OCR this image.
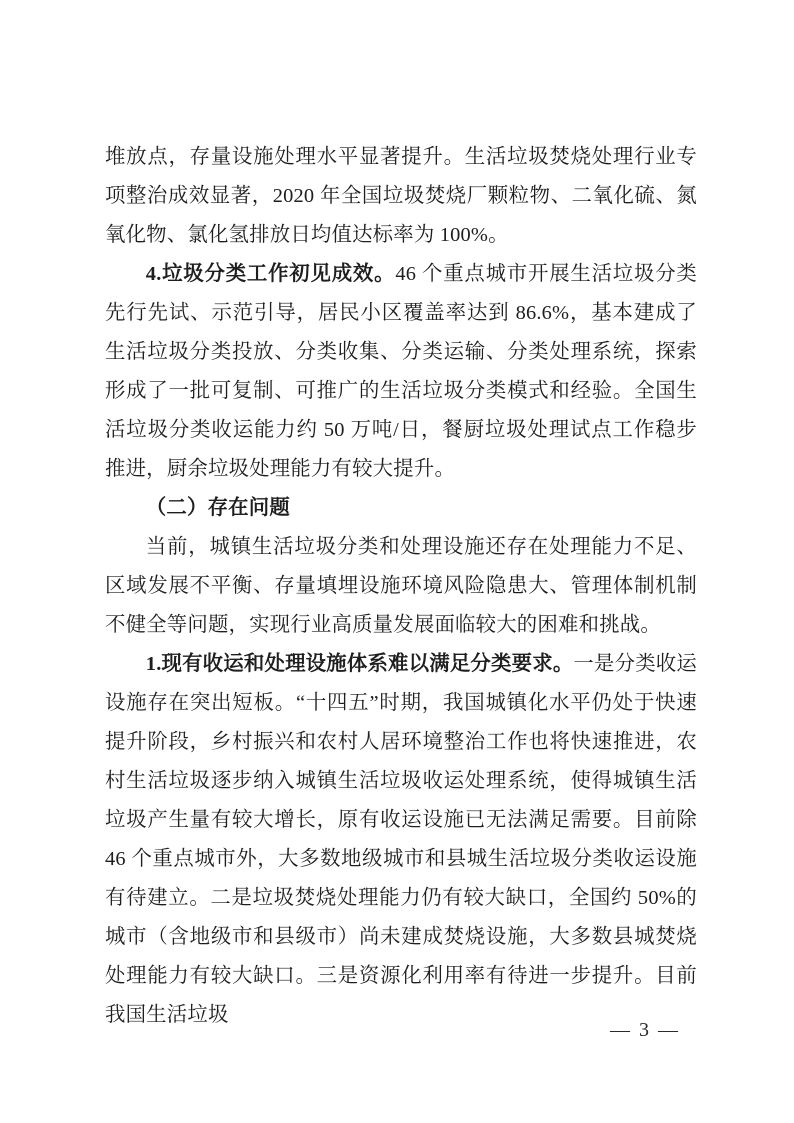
堆放点，存量设施处理水平显著提升。生活垃圾焚烧处理行业专项整治成效显著，2020 年全国垃圾焚烧厂颗粒物、二氧化硫、氮氧化物、氯化氢排放日均值达标率为 100%。

4.垃圾分类工作初见成效。46 个重点城市开展生活垃圾分类先行先试、示范引导，居民小区覆盖率达到 86.6%，基本建成了生活垃圾分类投放、分类收集、分类运输、分类处理系统，探索形成了一批可复制、可推广的生活垃圾分类模式和经验。全国生活垃圾分类收运能力约 50 万吨/日，餐厨垃圾处理试点工作稳步推进，厨余垃圾处理能力有较大提升。

（二）存在问题

当前，城镇生活垃圾分类和处理设施还存在处理能力不足、区域发展不平衡、存量填埋设施环境风险隐患大、管理体制机制不健全等问题，实现行业高质量发展面临较大的困难和挑战。

1.现有收运和处理设施体系难以满足分类要求。一是分类收运设施存在突出短板。“十四五”时期，我国城镇化水平仍处于快速提升阶段，乡村振兴和农村人居环境整治工作也将快速推进，农村生活垃圾逐步纳入城镇生活垃圾收运处理系统，使得城镇生活垃圾产生量有较大增长，原有收运设施已无法满足需要。目前除 46 个重点城市外，大多数地级城市和县城生活垃圾分类收运设施有待建立。二是垃圾焚烧处理能力仍有较大缺口，全国约 50%的城市（含地级市和县级市）尚未建成焚烧设施，大多数县城焚烧处理能力有较大缺口。三是资源化利用率有待进一步提升。目前我国生活垃圾

— 3 —
